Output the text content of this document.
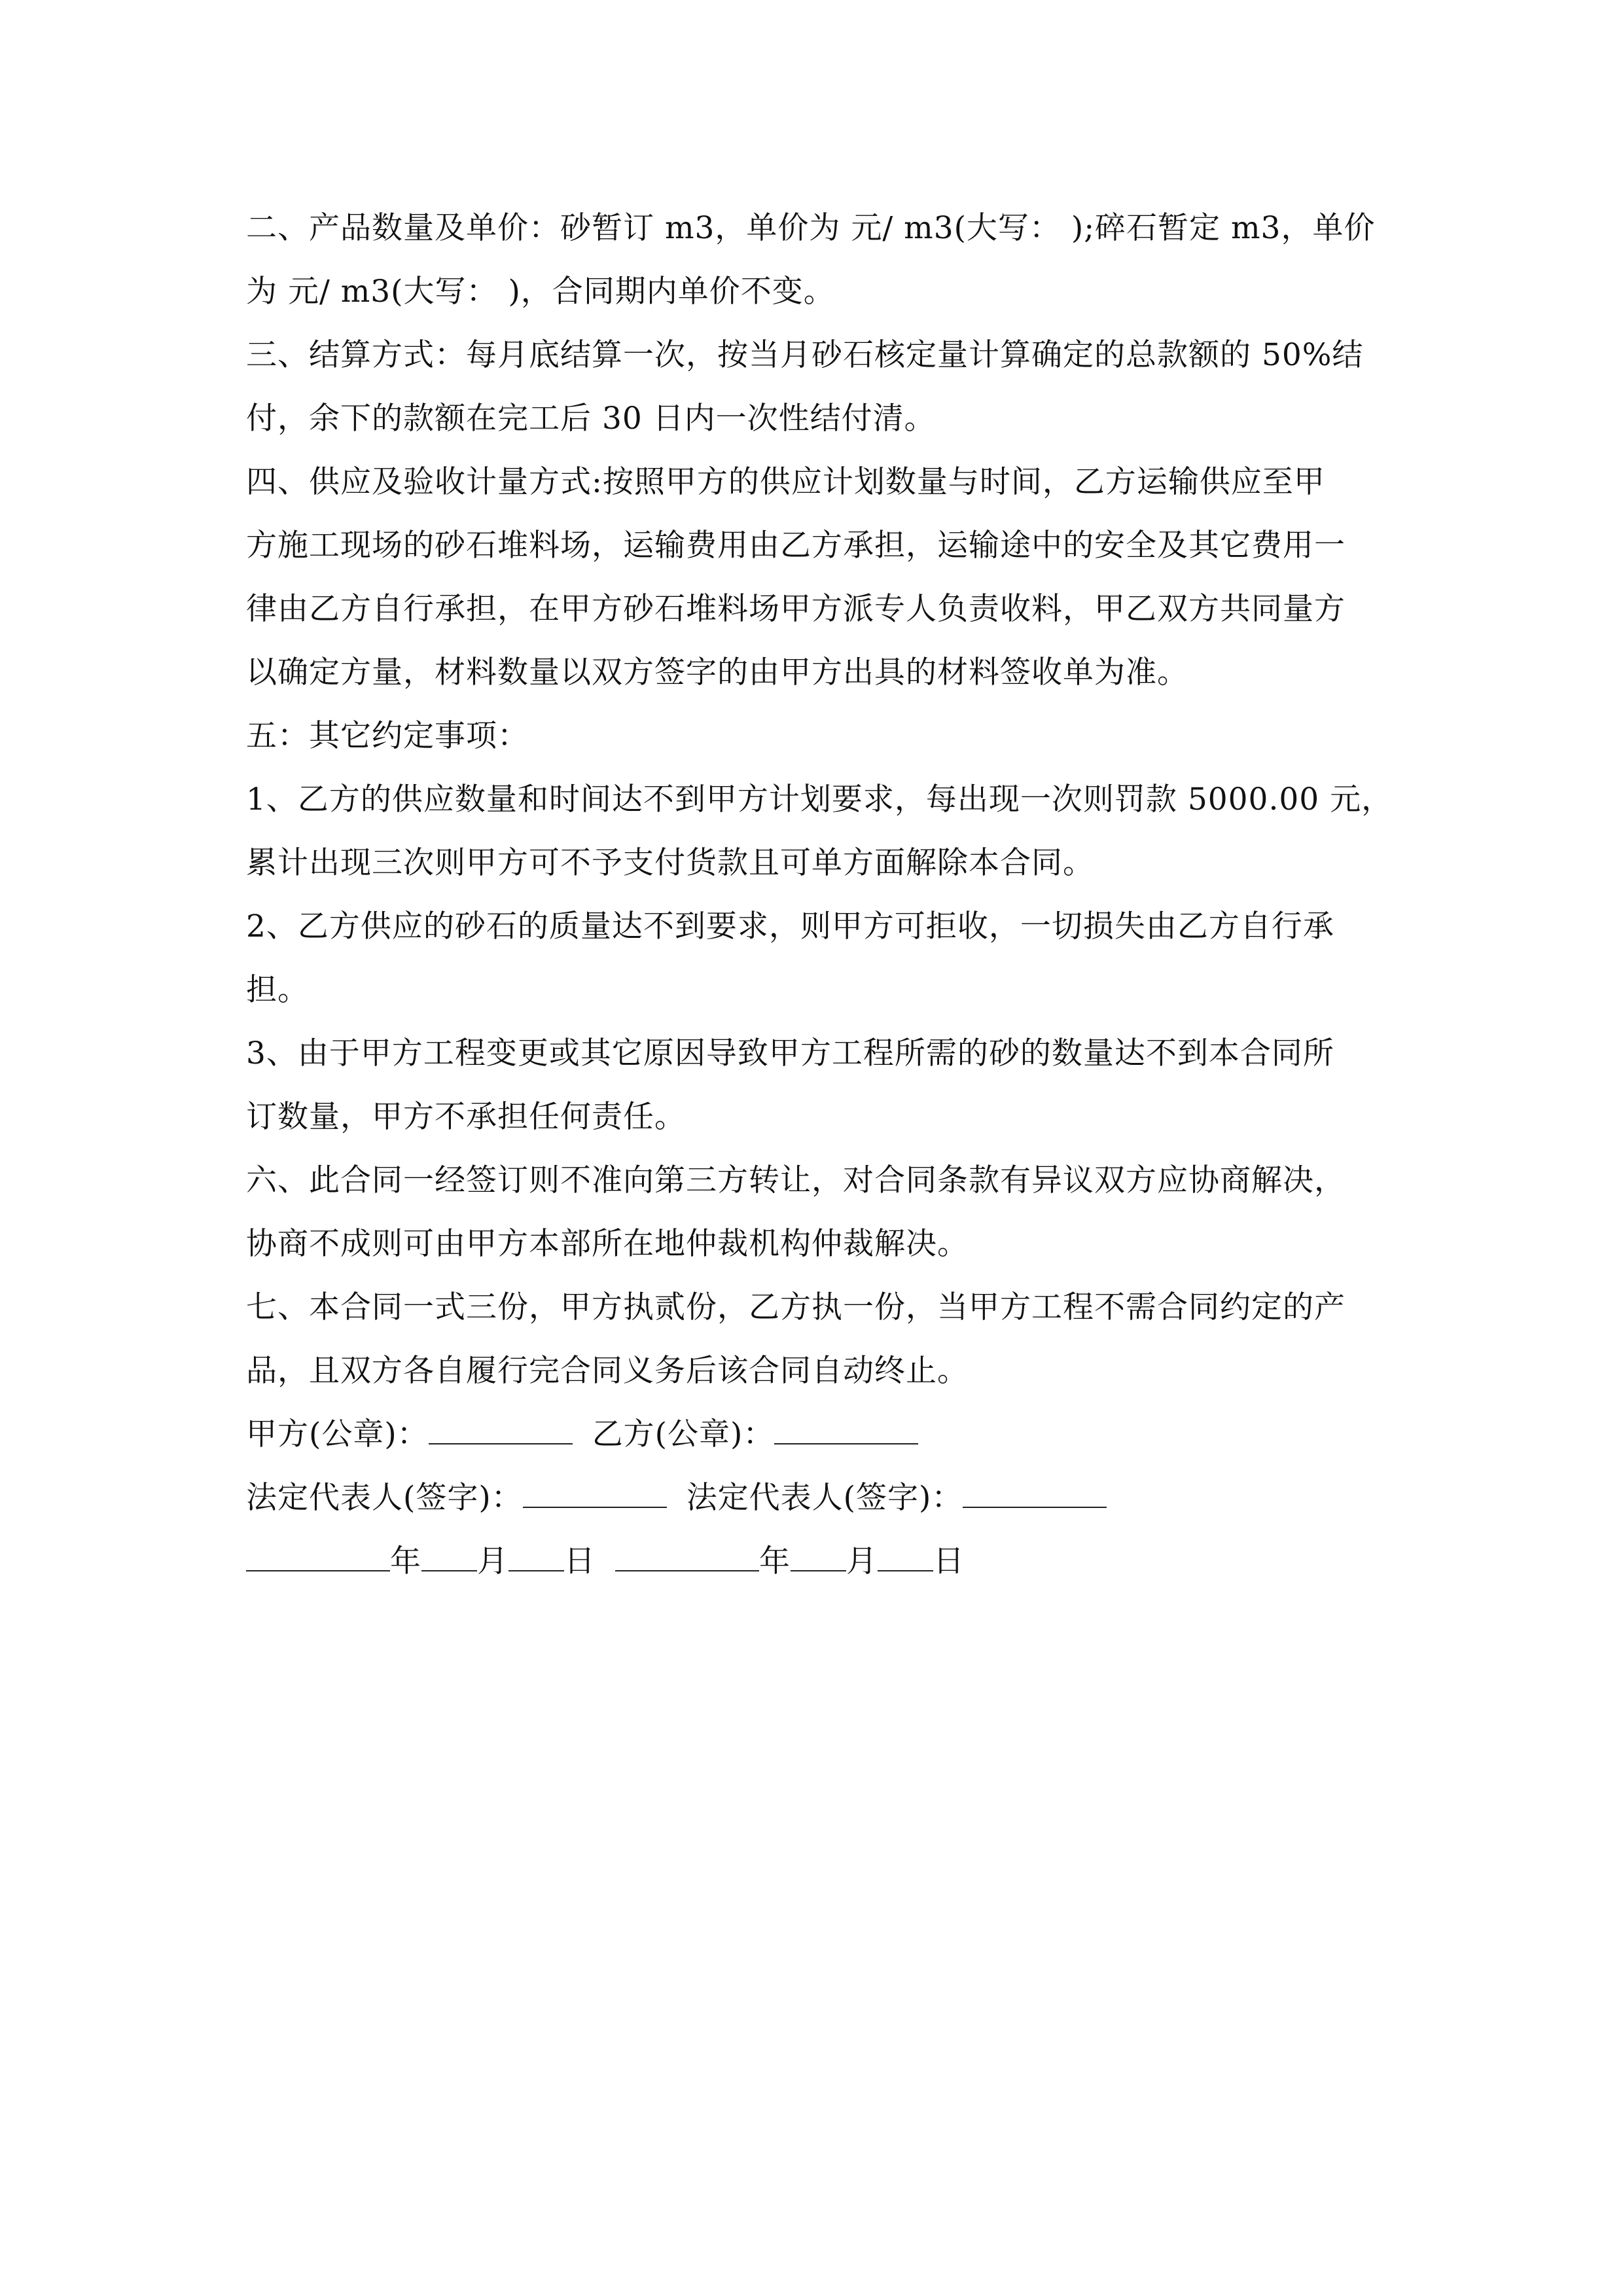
二、产品数量及单价：砂暂订 m3，单价为 元/ m3(大写： );碎石暂定 m3，单价
为 元/ m3(大写： )，合同期内单价不变。
三、结算方式：每月底结算一次，按当月砂石核定量计算确定的总款额的 50%结
付，余下的款额在完工后 30 日内一次性结付清。
四、供应及验收计量方式:按照甲方的供应计划数量与时间，乙方运输供应至甲
方施工现场的砂石堆料场，运输费用由乙方承担，运输途中的安全及其它费用一
律由乙方自行承担，在甲方砂石堆料场甲方派专人负责收料，甲乙双方共同量方
以确定方量，材料数量以双方签字的由甲方出具的材料签收单为准。
五：其它约定事项：
1、乙方的供应数量和时间达不到甲方计划要求，每出现一次则罚款 5000.00 元，
累计出现三次则甲方可不予支付货款且可单方面解除本合同。
2、乙方供应的砂石的质量达不到要求，则甲方可拒收，一切损失由乙方自行承
担。
3、由于甲方工程变更或其它原因导致甲方工程所需的砂的数量达不到本合同所
订数量，甲方不承担任何责任。
六、此合同一经签订则不准向第三方转让，对合同条款有异议双方应协商解决，
协商不成则可由甲方本部所在地仲裁机构仲裁解决。
七、本合同一式三份，甲方执贰份，乙方执一份，当甲方工程不需合同约定的产
品，且双方各自履行完合同义务后该合同自动终止。
甲方(公章)：	乙方(公章)：
法定代表人(签字)：	法定代表人(签字)：
年 月 日	年 月 日
